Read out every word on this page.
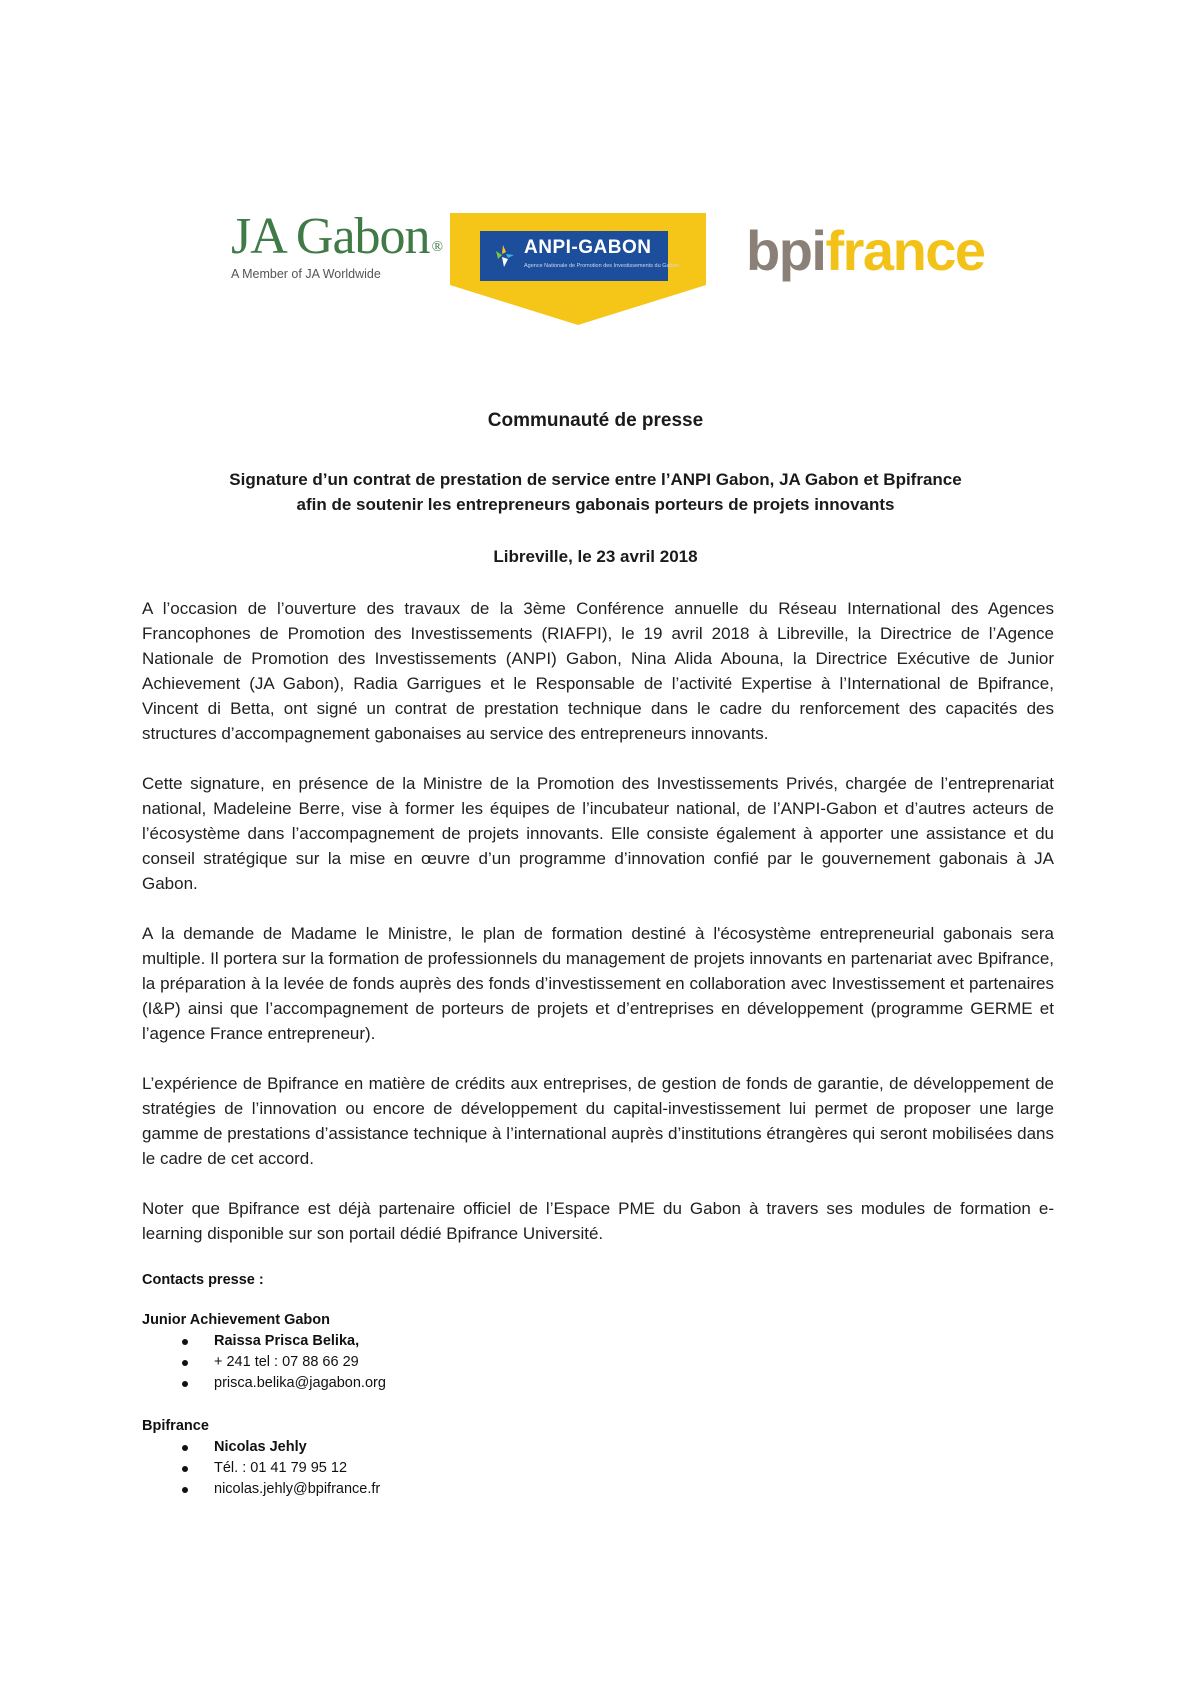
JA Gabon ®
A Member of JA Worldwide
ANPI-GABON
Agence Nationale de Promotion des Investissements du Gabon bpifrance
Communauté de presse
Signature d’un contrat de prestation de service entre l’ANPI Gabon, JA Gabon et Bpifrance
afin de soutenir les entrepreneurs gabonais porteurs de projets innovants
Libreville, le 23 avril 2018
A l’occasion de l’ouverture des travaux de la 3ème Conférence annuelle du Réseau International des Agences Francophones de Promotion des Investissements (RIAFPI), le 19 avril 2018 à Libreville, la Directrice de l’Agence Nationale de Promotion des Investissements (ANPI) Gabon, Nina Alida Abouna, la Directrice Exécutive de Junior Achievement (JA Gabon), Radia Garrigues et le Responsable de l’activité Expertise à l’International de Bpifrance, Vincent di Betta, ont signé un contrat de prestation technique dans le cadre du renforcement des capacités des structures d’accompagnement gabonaises au service des entrepreneurs innovants.
Cette signature, en présence de la Ministre de la Promotion des Investissements Privés, chargée de l’entreprenariat national, Madeleine Berre, vise à former les équipes de l’incubateur national, de l’ANPI-Gabon et d’autres acteurs de l’écosystème dans l’accompagnement de projets innovants. Elle consiste également à apporter une assistance et du conseil stratégique sur la mise en œuvre d’un programme d’innovation confié par le gouvernement gabonais à JA Gabon.
A la demande de Madame le Ministre, le plan de formation destiné à l'écosystème entrepreneurial gabonais sera multiple. Il portera sur la formation de professionnels du management de projets innovants en partenariat avec Bpifrance, la préparation à la levée de fonds auprès des fonds d’investissement en collaboration avec Investissement et partenaires (I&P) ainsi que l’accompagnement de porteurs de projets et d’entreprises en développement (programme GERME et l’agence France entrepreneur).
L’expérience de Bpifrance en matière de crédits aux entreprises, de gestion de fonds de garantie, de développement de stratégies de l’innovation ou encore de développement du capital-investissement lui permet de proposer une large gamme de prestations d’assistance technique à l’international auprès d’institutions étrangères qui seront mobilisées dans le cadre de cet accord.
Noter que Bpifrance est déjà partenaire officiel de l’Espace PME du Gabon à travers ses modules de formation e-learning disponible sur son portail dédié Bpifrance Université.
Contacts presse :
Junior Achievement Gabon
Raissa Prisca Belika,
+ 241 tel : 07 88 66 29
prisca.belika@jagabon.org
Bpifrance
Nicolas Jehly
Tél. : 01 41 79 95 12
nicolas.jehly@bpifrance.fr
